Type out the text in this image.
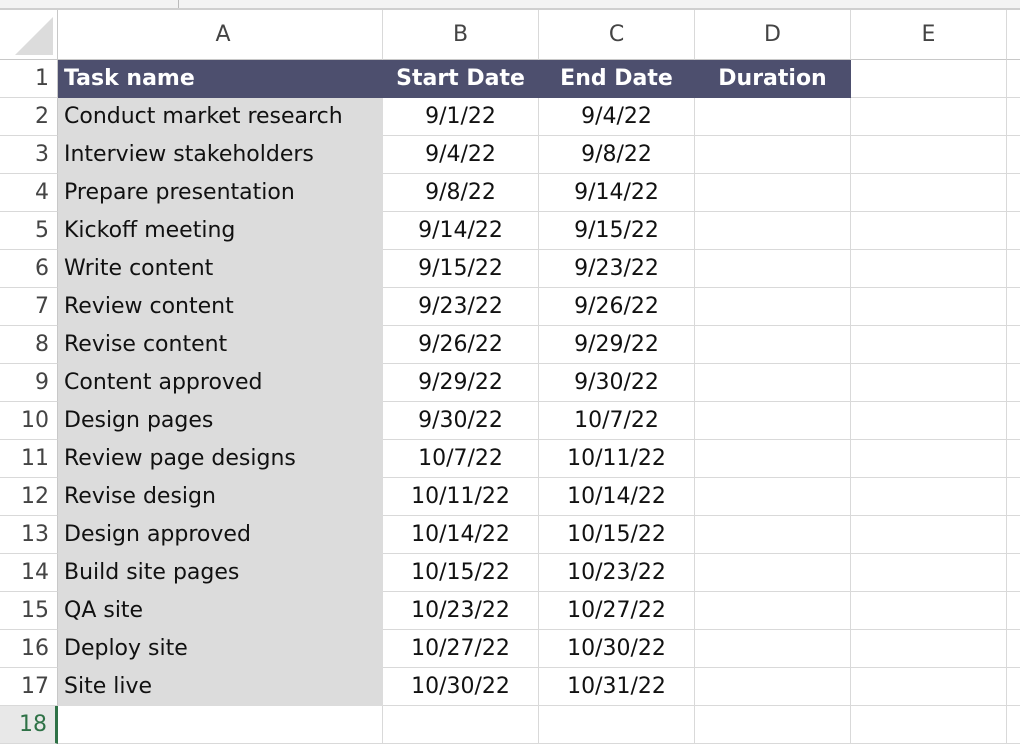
A	B	C	D	E
1 Task name	Start Date	End Date	Duration
2 Conduct market research	9/1/22	9/4/22
3 Interview stakeholders	9/4/22	9/8/22
4 Prepare presentation	9/8/22	9/14/22
5 Kickoff meeting	9/14/22	9/15/22
6 Write content	9/15/22	9/23/22
7 Review content	9/23/22	9/26/22
8 Revise content	9/26/22	9/29/22
9 Content approved	9/29/22	9/30/22
10 Design pages	9/30/22	10/7/22
11 Review page designs	10/7/22	10/11/22
12 Revise design	10/11/22	10/14/22
13 Design approved	10/14/22	10/15/22
14 Build site pages	10/15/22	10/23/22
15 QA site	10/23/22	10/27/22
16 Deploy site	10/27/22	10/30/22
17 Site live	10/30/22	10/31/22
18
